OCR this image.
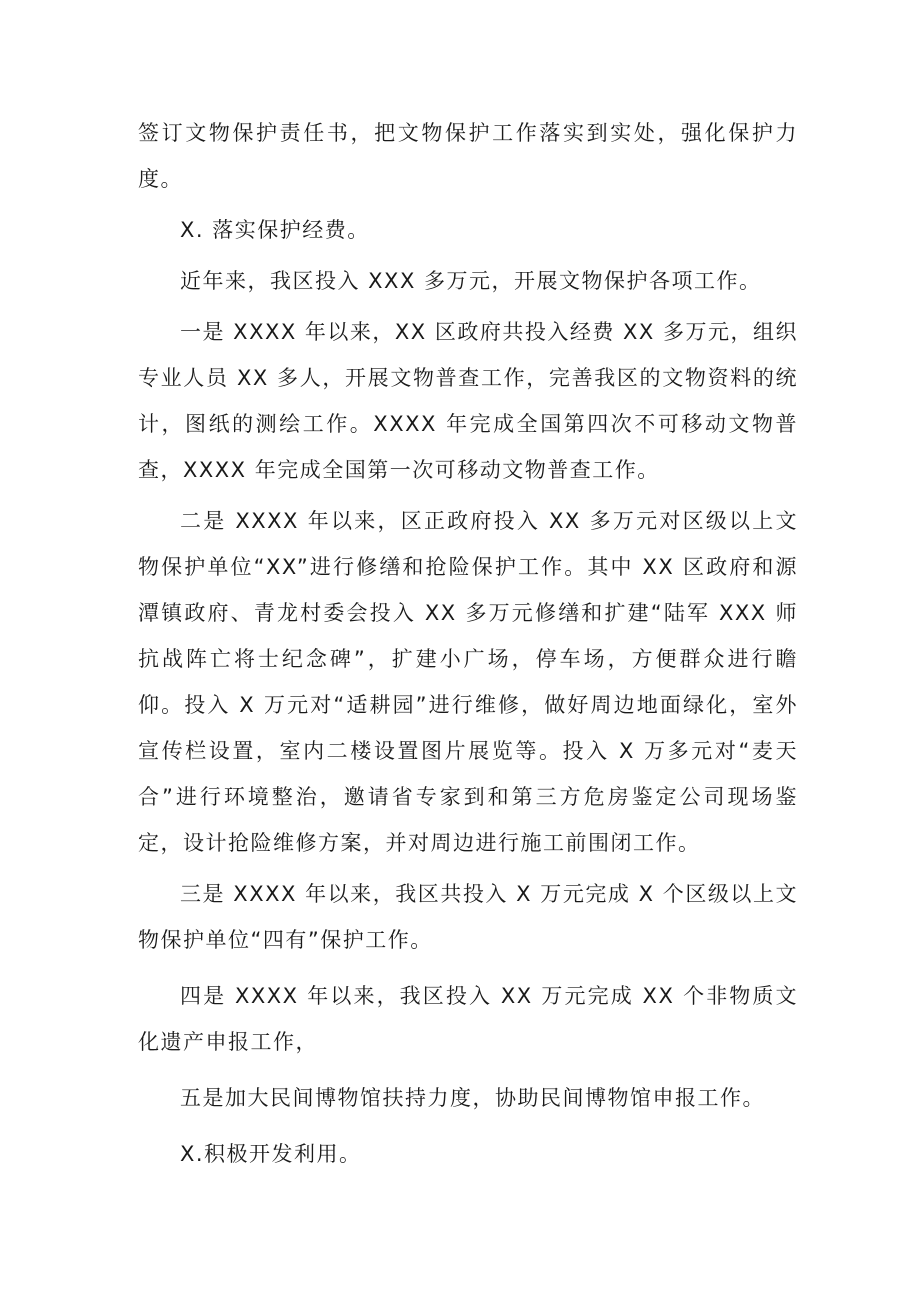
签订文物保护责任书，把文物保护工作落实到实处，强化保护力度。

X. 落实保护经费。

近年来，我区投入 XXX 多万元，开展文物保护各项工作。

一是 XXXX 年以来，XX 区政府共投入经费 XX 多万元，组织专业人员 XX 多人，开展文物普查工作，完善我区的文物资料的统计，图纸的测绘工作。XXXX 年完成全国第四次不可移动文物普查，XXXX 年完成全国第一次可移动文物普查工作。

二是 XXXX 年以来，区正政府投入 XX 多万元对区级以上文物保护单位“XX”进行修缮和抢险保护工作。其中 XX 区政府和源潭镇政府、青龙村委会投入 XX 多万元修缮和扩建“陆军 XXX 师抗战阵亡将士纪念碑”，扩建小广场，停车场，方便群众进行瞻仰。投入 X 万元对“适耕园”进行维修，做好周边地面绿化，室外宣传栏设置，室内二楼设置图片展览等。投入 X 万多元对“麦天合”进行环境整治，邀请省专家到和第三方危房鉴定公司现场鉴定，设计抢险维修方案，并对周边进行施工前围闭工作。

三是 XXXX 年以来，我区共投入 X 万元完成 X 个区级以上文物保护单位“四有”保护工作。

四是 XXXX 年以来，我区投入 XX 万元完成 XX 个非物质文化遗产申报工作，

五是加大民间博物馆扶持力度，协助民间博物馆申报工作。

X.积极开发利用。
